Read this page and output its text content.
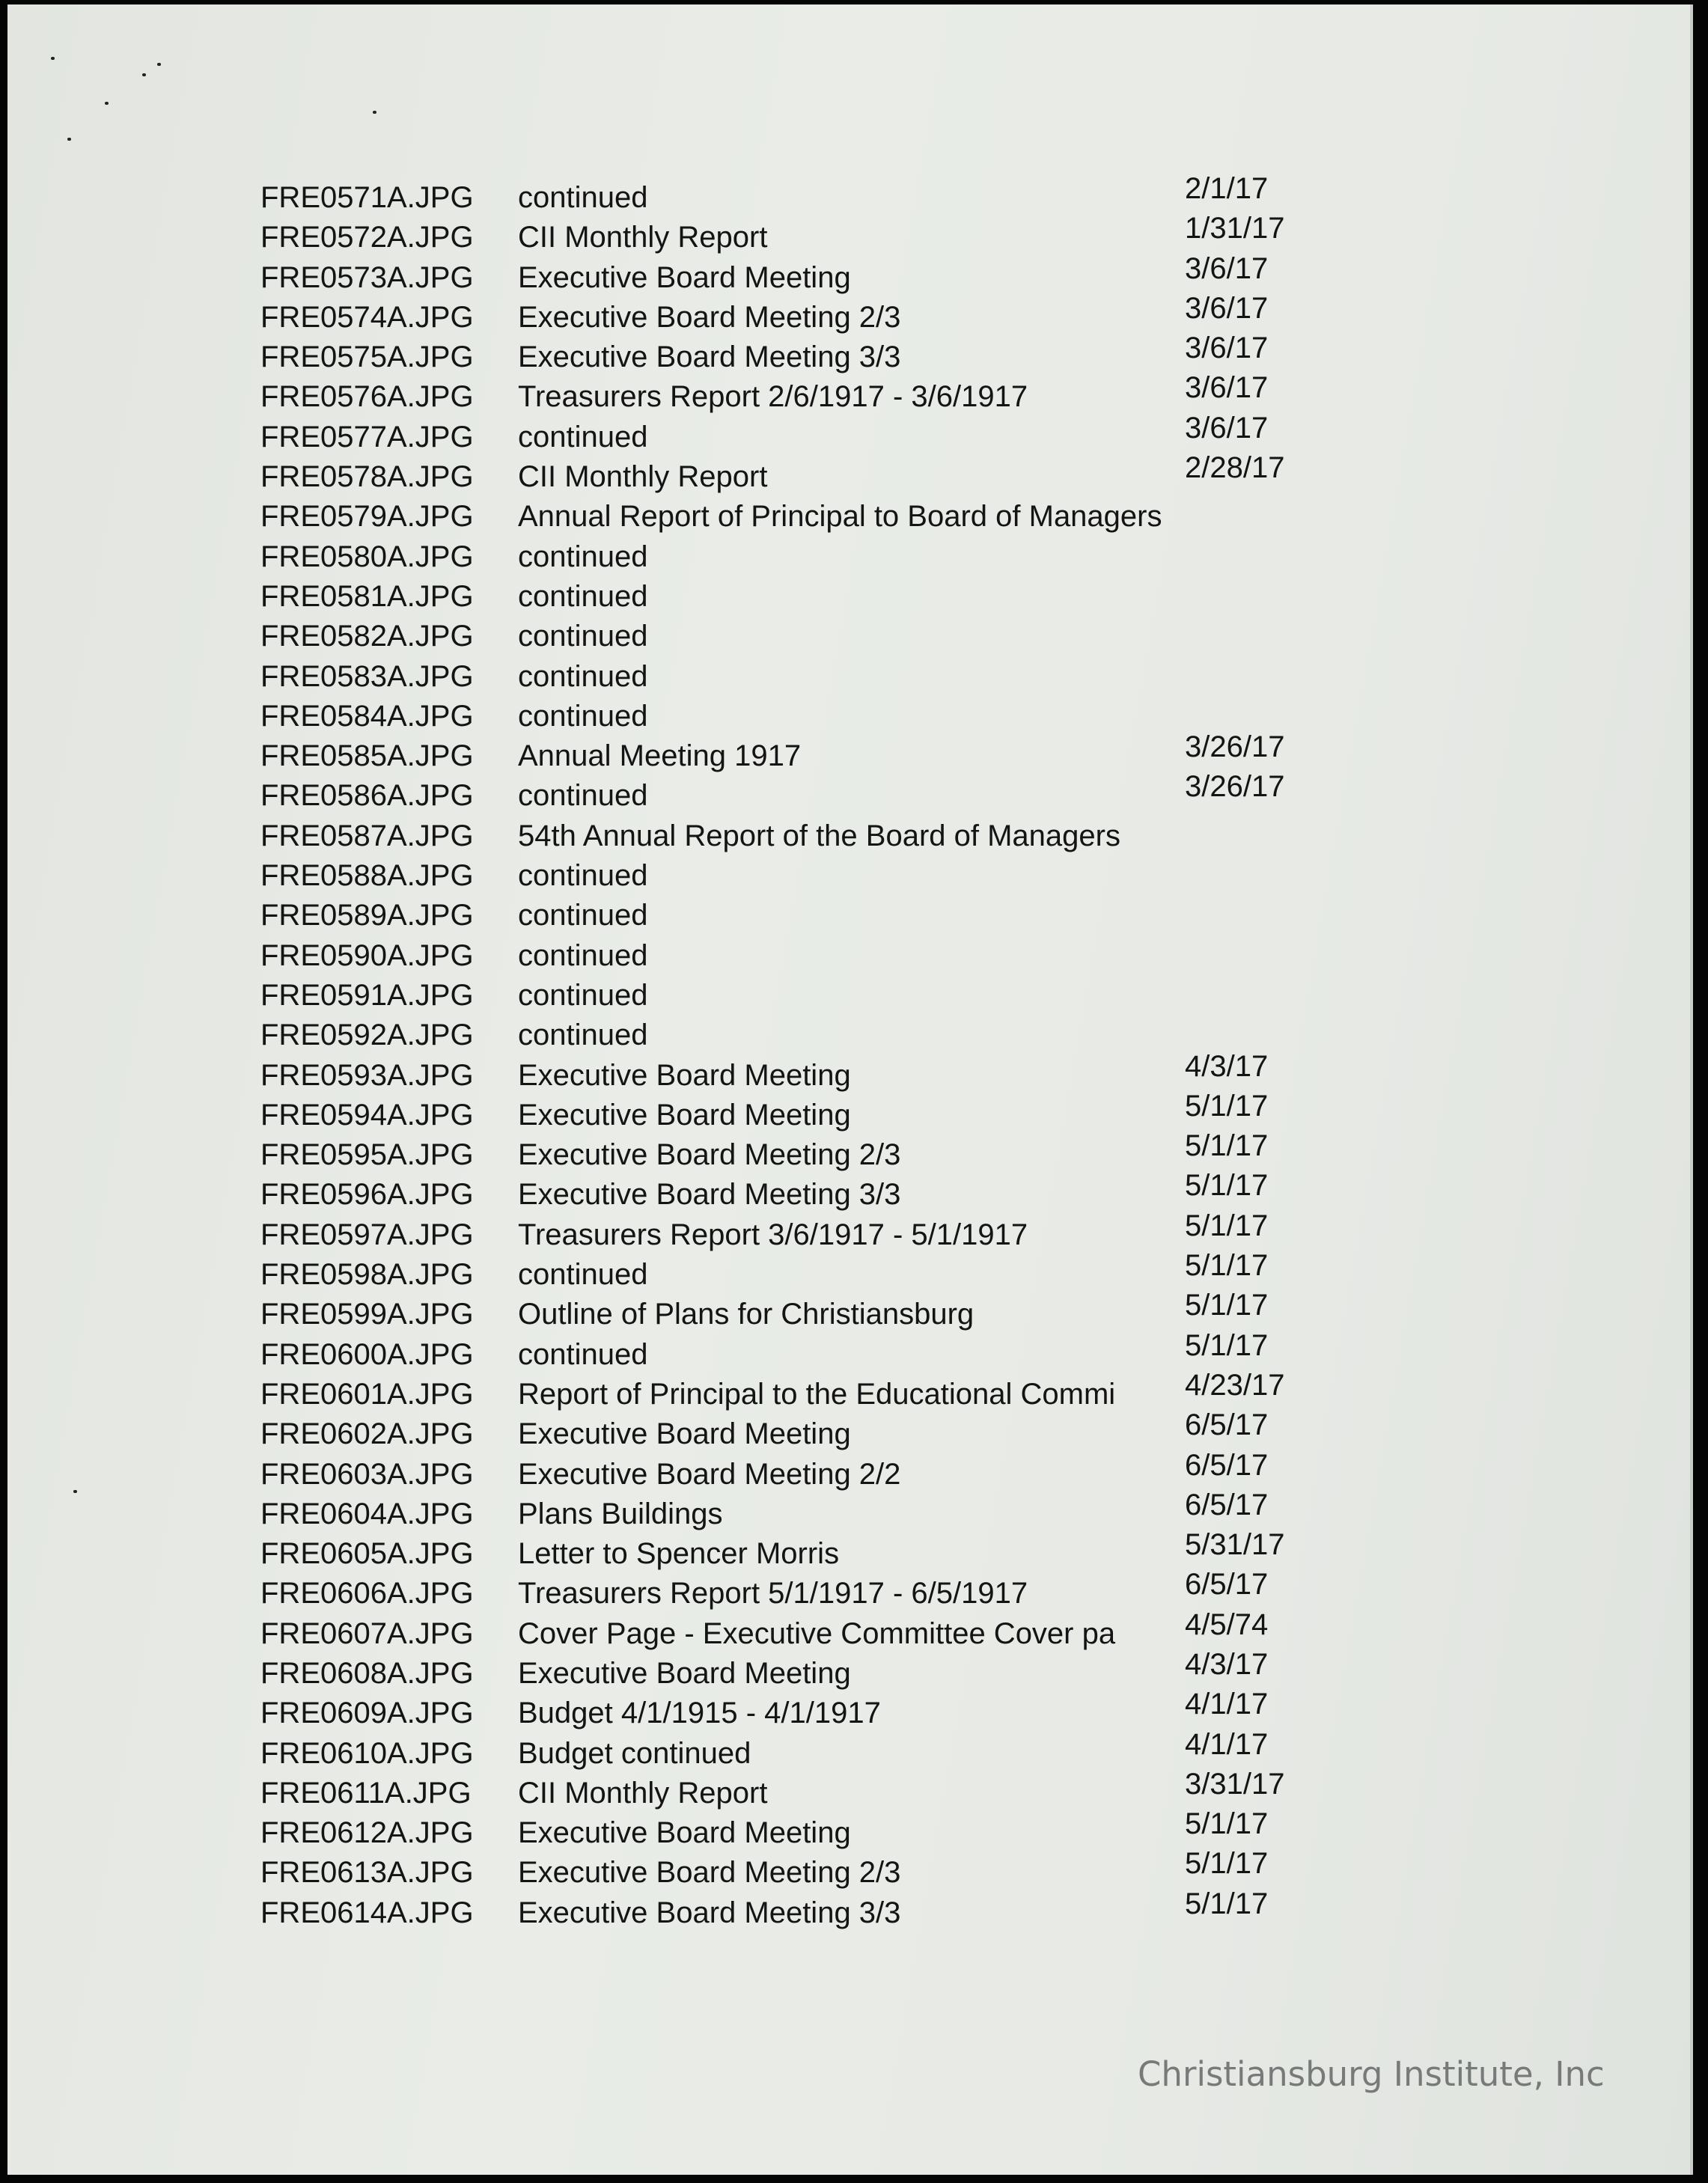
FRE0571A.JPG	continued	2/1/17
FRE0572A.JPG	CII Monthly Report	1/31/17
FRE0573A.JPG	Executive Board Meeting	3/6/17
FRE0574A.JPG	Executive Board Meeting 2/3	3/6/17
FRE0575A.JPG	Executive Board Meeting 3/3	3/6/17
FRE0576A.JPG	Treasurers Report 2/6/1917 - 3/6/1917	3/6/17
FRE0577A.JPG	continued	3/6/17
FRE0578A.JPG	CII Monthly Report	2/28/17
FRE0579A.JPG	Annual Report of Principal to Board of Managers
FRE0580A.JPG	continued
FRE0581A.JPG	continued
FRE0582A.JPG	continued
FRE0583A.JPG	continued
FRE0584A.JPG	continued
FRE0585A.JPG	Annual Meeting 1917	3/26/17
FRE0586A.JPG	continued	3/26/17
FRE0587A.JPG	54th Annual Report of the Board of Managers
FRE0588A.JPG	continued
FRE0589A.JPG	continued
FRE0590A.JPG	continued
FRE0591A.JPG	continued
FRE0592A.JPG	continued
FRE0593A.JPG	Executive Board Meeting	4/3/17
FRE0594A.JPG	Executive Board Meeting	5/1/17
FRE0595A.JPG	Executive Board Meeting 2/3	5/1/17
FRE0596A.JPG	Executive Board Meeting 3/3	5/1/17
FRE0597A.JPG	Treasurers Report 3/6/1917 - 5/1/1917	5/1/17
FRE0598A.JPG	continued	5/1/17
FRE0599A.JPG	Outline of Plans for Christiansburg	5/1/17
FRE0600A.JPG	continued	5/1/17
FRE0601A.JPG	Report of Principal to the Educational Commi	4/23/17
FRE0602A.JPG	Executive Board Meeting	6/5/17
FRE0603A.JPG	Executive Board Meeting 2/2	6/5/17
FRE0604A.JPG	Plans Buildings	6/5/17
FRE0605A.JPG	Letter to Spencer Morris	5/31/17
FRE0606A.JPG	Treasurers Report 5/1/1917 - 6/5/1917	6/5/17
FRE0607A.JPG	Cover Page - Executive Committee Cover pa	4/5/74
FRE0608A.JPG	Executive Board Meeting	4/3/17
FRE0609A.JPG	Budget 4/1/1915 - 4/1/1917	4/1/17
FRE0610A.JPG	Budget continued	4/1/17
FRE0611A.JPG	CII Monthly Report	3/31/17
FRE0612A.JPG	Executive Board Meeting	5/1/17
FRE0613A.JPG	Executive Board Meeting 2/3	5/1/17
FRE0614A.JPG	Executive Board Meeting 3/3	5/1/17
Christiansburg Institute, Inc
